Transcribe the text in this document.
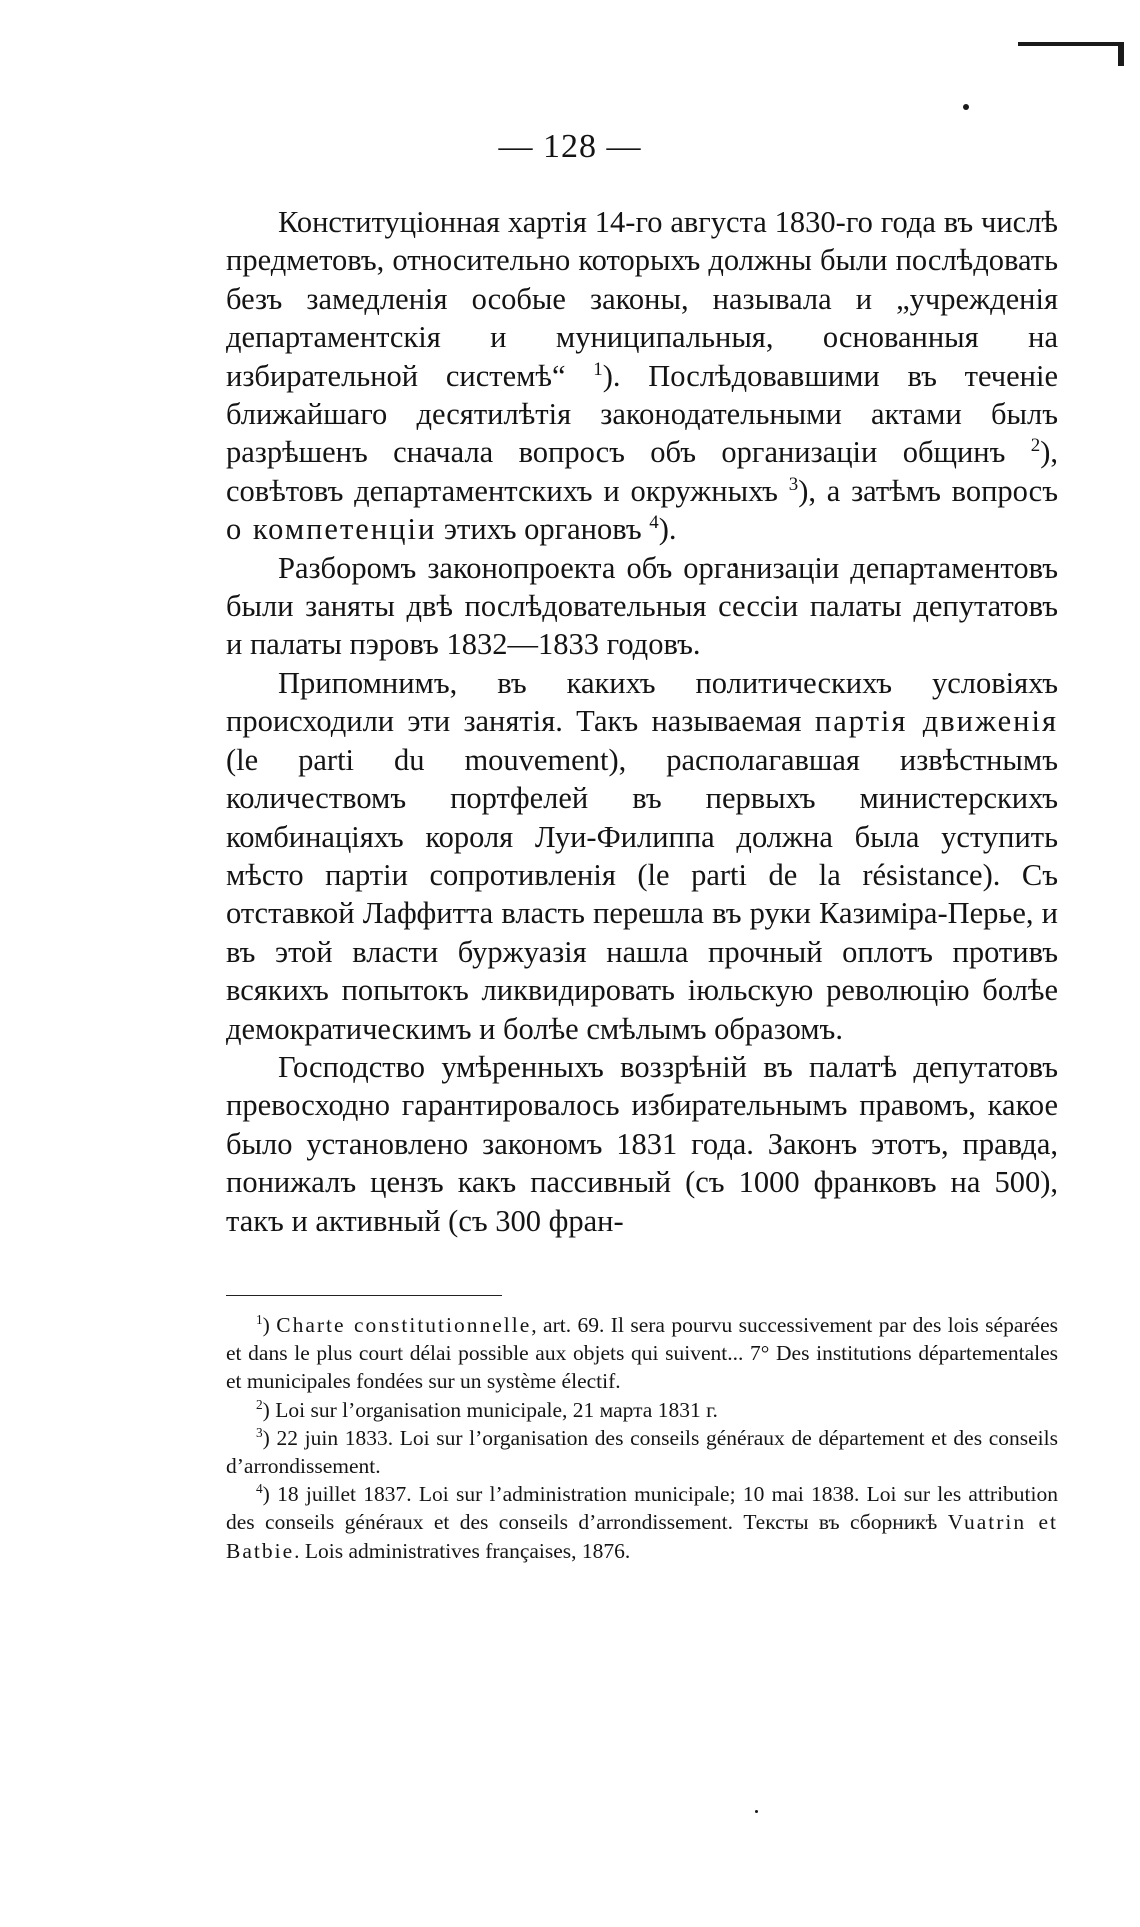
— 128 —

Конституціонная хартія 14-го августа 1830-го года въ числѣ предметовъ, относительно которыхъ должны были послѣдовать безъ замедленія особые законы, называла и „учрежденія департаментскія и муниципальныя, основанныя на избирательной системѣ“ $^1$). Послѣдовавшими въ теченіе ближайшаго десятилѣтія законодательными актами былъ разрѣшенъ сначала вопросъ объ организаціи общинъ $^2$), совѣтовъ департаментскихъ и окружныхъ $^3$), а затѣмъ вопросъ о компетенціи этихъ органовъ $^4$).

Разборомъ законопроекта объ организаціи департаментовъ были заняты двѣ послѣдовательныя сессіи палаты депутатовъ и палаты пэровъ 1832—1833 годовъ.

Припомнимъ, въ какихъ политическихъ условіяхъ происходили эти занятія. Такъ называемая партія движенія (le parti du mouvement), располагавшая извѣстнымъ количествомъ портфелей въ первыхъ министерскихъ комбинаціяхъ короля Луи-Филиппа должна была уступить мѣсто партіи сопротивленія (le parti de la résistance). Съ отставкой Лаффитта власть перешла въ руки Казиміра-Перье, и въ этой власти буржуазія нашла прочный оплотъ противъ всякихъ попытокъ ликвидировать іюльскую революцію болѣе демократическимъ и болѣе смѣлымъ образомъ.

Господство умѣренныхъ воззрѣній въ палатѣ депутатовъ превосходно гарантировалось избирательнымъ правомъ, какое было установлено закономъ 1831 года. Законъ этотъ, правда, понижалъ цензъ какъ пассивный (съ 1000 франковъ на 500), такъ и активный (съ 300 фран-

$^1$) Charte constitutionnelle, art. 69. Il sera pourvu successivement par des lois séparées et dans le plus court délai possible aux objets qui suivent... 7° Des institutions départementales et municipales fondées sur un système électif.

$^2$) Loi sur l’organisation municipale, 21 марта 1831 г.

$^3$) 22 juin 1833. Loi sur l’organisation des conseils généraux de département et des conseils d’arrondissement.

$^4$) 18 juillet 1837. Loi sur l’administration municipale; 10 mai 1838. Loi sur les attribution des conseils généraux et des conseils d’arrondissement. Тексты въ сборникѣ Vuatrin et Batbie. Lois administratives françaises, 1876.
